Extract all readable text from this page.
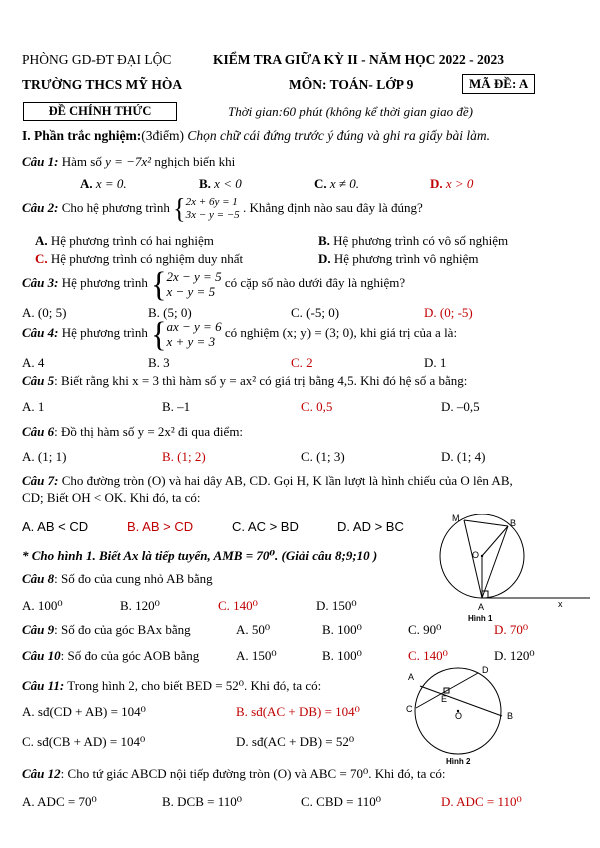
PHÒNG GD-ĐT ĐẠI LỘC	KIỂM TRA GIỮA KỲ II - NĂM HỌC 2022 - 2023
TRƯỜNG THCS MỸ HÒA	MÔN: TOÁN- LỚP 9	MÃ ĐỀ: A
ĐỀ CHÍNH THỨC	Thời gian:60 phút (không kể thời gian giao đề)
I. Phần trắc nghiệm:(3điểm) Chọn chữ cái đứng trước ý đúng và ghi ra giấy bài làm.
Câu 1: Hàm số y = −7x² nghịch biến khi
A. x = 0.	B. x < 0	C. x ≠ 0.	D. x > 0
Câu 2: Cho hệ phương trình {2x + 6y = 1
3x − y = −5 . Khẳng định nào sau đây là đúng?
A. Hệ phương trình có hai nghiệm	B. Hệ phương trình có vô số nghiệm
C. Hệ phương trình có nghiệm duy nhất	D. Hệ phương trình vô nghiệm
Câu 3: Hệ phương trình {2x − y = 5
x − y = 5 có cặp số nào dưới đây là nghiệm?
A. (0; 5)	B. (5; 0)	C. (-5; 0)	D. (0; -5)
Câu 4: Hệ phương trình {ax − y = 6
x + y = 3 có nghiệm (x; y) = (3; 0), khi giá trị của a là:
A. 4	B. 3	C. 2	D. 1
Câu 5: Biết rằng khi x = 3 thì hàm số y = ax² có giá trị bằng 4,5. Khi đó hệ số a bằng:
A. 1	B. –1	C. 0,5	D. –0,5
Câu 6: Đồ thị hàm số y = 2x² đi qua điểm:
A. (1; 1)	B. (1; 2)	C. (1; 3)	D. (1; 4)
Câu 7: Cho đường tròn (O) và hai dây AB, CD. Gọi H, K lần lượt là hình chiếu của O lên AB,
CD; Biết OH < OK. Khi đó, ta có:
A. AB < CD	B. AB > CD	C. AC > BD	D. AD > BC
* Cho hình 1. Biết Ax là tiếp tuyến, AMB = 70⁰. (Giải câu 8;9;10 )
Câu 8: Số đo của cung nhỏ AB bằng
A. 100⁰	B. 120⁰	C. 140⁰	D. 150⁰
Câu 9: Số đo của góc BAx bằng	A. 50⁰	B. 100⁰	C. 90⁰	D. 70⁰
Câu 10: Số đo của góc AOB bằng	A. 150⁰	B. 100⁰	C. 140⁰	D. 120⁰
Câu 11: Trong hình 2, cho biết BED = 52⁰. Khi đó, ta có:
A. sđ(CD + AB) = 104⁰	B. sđ(AC + DB) = 104⁰
C. sđ(CB + AD) = 104⁰	D. sđ(AC + DB) = 52⁰
Câu 12: Cho tứ giác ABCD nội tiếp đường tròn (O) và ABC = 70⁰. Khi đó, ta có:
A. ADC = 70⁰	B. DCB = 110⁰	C. CBD = 110⁰	D. ADC = 110⁰
M	B
O
A	x
Hình 1
A
D
E
C
O	B
Hình 2
